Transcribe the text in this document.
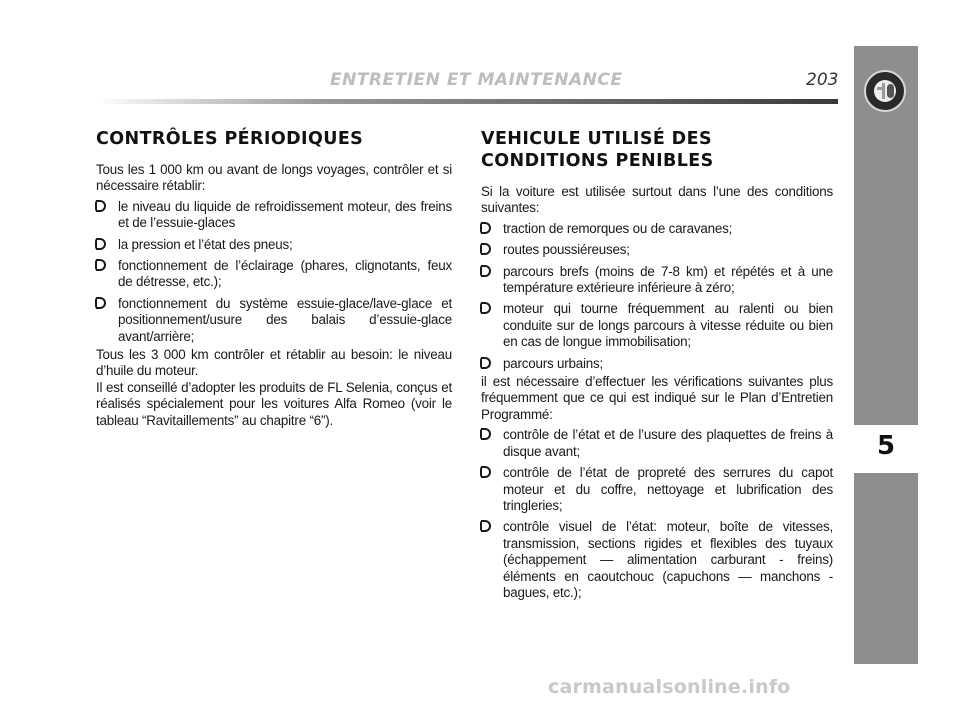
ENTRETIEN ET MAINTENANCE	203
5
CONTRÔLES PÉRIODIQUES

Tous les 1 000 km ou avant de longs voyages, contrôler et si nécessaire rétablir:

le niveau du liquide de refroidissement moteur, des freins et de l’essuie-glaces
la pression et l’état des pneus;
fonctionnement de l’éclairage (phares, clignotants, feux de détresse, etc.);
fonctionnement du système essuie-glace/lave-glace et positionnement/usure des balais d’essuie-glace avant/arrière;

Tous les 3 000 km contrôler et rétablir au besoin: le niveau d’huile du moteur.

Il est conseillé d’adopter les produits de FL Selenia, conçus et réalisés spécialement pour les voitures Alfa Romeo (voir le tableau “Ravitaillements” au chapitre “6”).

VEHICULE UTILISÉ DES
CONDITIONS PENIBLES

Si la voiture est utilisée surtout dans l’une des conditions suivantes:

traction de remorques ou de caravanes;
routes poussiéreuses;
parcours brefs (moins de 7-8 km) et répétés et à une température extérieure inférieure à zéro;
moteur qui tourne fréquemment au ralenti ou bien conduite sur de longs parcours à vitesse réduite ou bien en cas de longue immobilisation;
parcours urbains;

il est nécessaire d’effectuer les vérifications suivantes plus fréquemment que ce qui est indiqué sur le Plan d’Entretien Programmé:

contrôle de l’état et de l’usure des plaquettes de freins à disque avant;
contrôle de l’état de propreté des serrures du capot moteur et du coffre, nettoyage et lubrification des tringleries;
contrôle visuel de l’état: moteur, boîte de vitesses, transmission, sections rigides et flexibles des tuyaux (échappement — alimentation carburant - freins) éléments en caoutchouc (capuchons — manchons - bagues, etc.);
carmanualsonline.info
